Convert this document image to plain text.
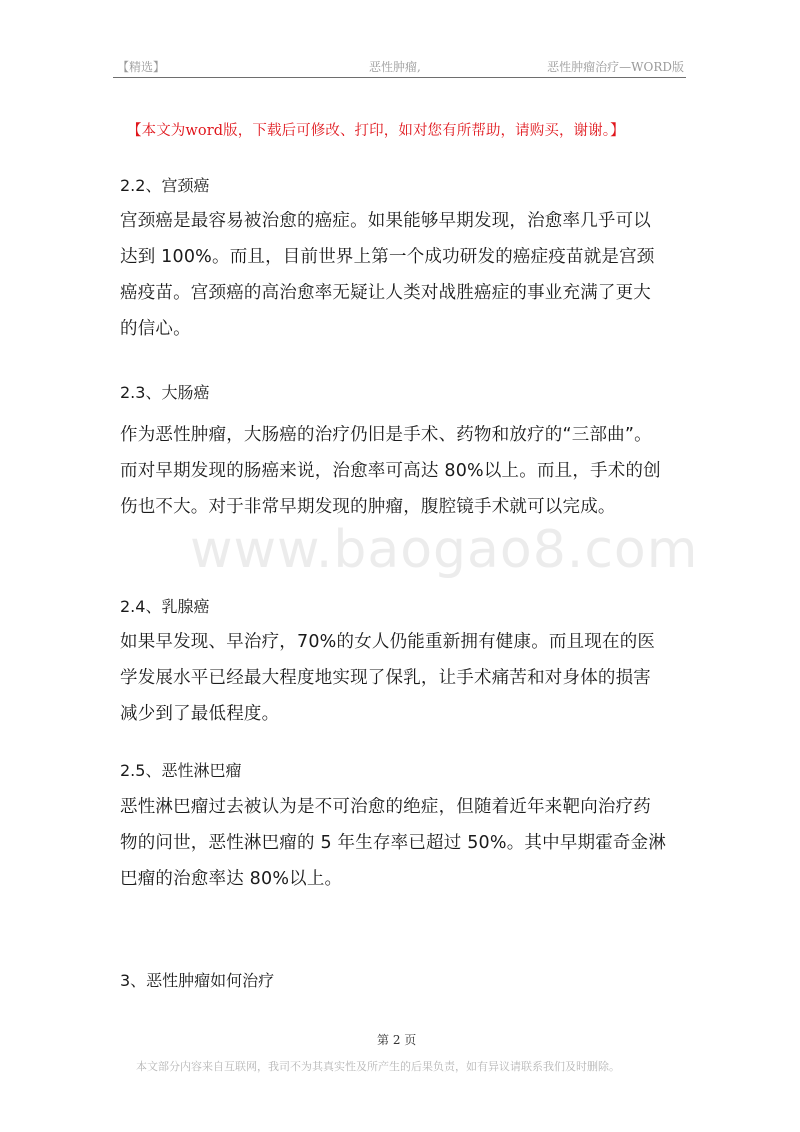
【精选】	恶性肿瘤,	恶性肿瘤治疗—WORD版
【本文为word版，下载后可修改、打印，如对您有所帮助，请购买，谢谢。】
www.baogao8.com
2.2、宫颈癌
宫颈癌是最容易被治愈的癌症。如果能够早期发现，治愈率几乎可以
达到 100%。而且，目前世界上第一个成功研发的癌症疫苗就是宫颈
癌疫苗。宫颈癌的高治愈率无疑让人类对战胜癌症的事业充满了更大
的信心。
2.3、大肠癌
作为恶性肿瘤，大肠癌的治疗仍旧是手术、药物和放疗的“三部曲”。
而对早期发现的肠癌来说，治愈率可高达 80%以上。而且，手术的创
伤也不大。对于非常早期发现的肿瘤，腹腔镜手术就可以完成。
2.4、乳腺癌
如果早发现、早治疗，70%的女人仍能重新拥有健康。而且现在的医
学发展水平已经最大程度地实现了保乳，让手术痛苦和对身体的损害
减少到了最低程度。
2.5、恶性淋巴瘤
恶性淋巴瘤过去被认为是不可治愈的绝症，但随着近年来靶向治疗药
物的问世，恶性淋巴瘤的 5 年生存率已超过 50%。其中早期霍奇金淋
巴瘤的治愈率达 80%以上。
3、恶性肿瘤如何治疗
第 2 页
本文部分内容来自互联网，我司不为其真实性及所产生的后果负责，如有异议请联系我们及时删除。
